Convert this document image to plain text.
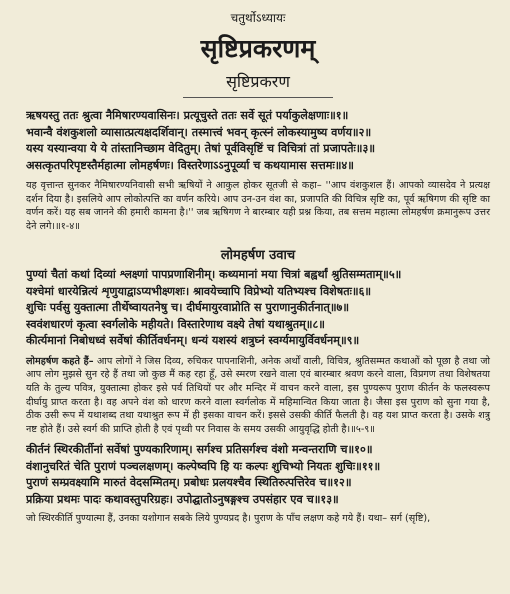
चतुर्थोऽध्यायः
सृष्टिप्रकरणम्
सृष्टिप्रकरण
ऋषयस्तु ततः श्रुत्वा नैमिषारण्यवासिनः। प्रत्यूचुस्ते ततः सर्वे सूतं पर्याकुलेक्षणाः॥१॥
भवान्वै वंशकुशलो व्यासात्प्रत्यक्षदर्शिवान्। तस्मात्त्वं भवन् कृत्स्नं लोकस्यामुष्य वर्णय॥२॥
यस्य यस्यान्वया ये ये तांस्तानिच्छाम वेदितुम्। तेषां पूर्वविसृष्टिं च विचित्रां तां प्रजापतेः॥३॥
असत्कृतपरिपृष्टस्तैर्महात्मा लोमहर्षणः। विस्तरेणाऽऽनुपूर्व्या च कथयामास सत्तमः॥४॥
यह वृत्तान्त सुनकर नैमिषारण्यनिवासी सभी ऋषियों ने आकुल होकर सूतजी से कहा– ''आप वंशकुशल हैं। आपको व्यासदेव ने प्रत्यक्ष दर्शन दिया है। इसलिये आप लोकोत्पत्ति का वर्णन करिये। आप उन-उन वंश का, प्रजापति की विचित्र सृष्टि का, पूर्व ऋषिगण की सृष्टि का वर्णन करें। यह सब जानने की हमारी कामना है।'' जब ऋषिगण ने बारम्बार यही प्रश्न किया, तब सत्तम महात्मा लोमहर्षण क्रमानुरूप उत्तर देने लगे।॥१-४॥
लोमहर्षण उवाच
पुण्यां चैतां कथां दिव्यां श्लक्ष्णां पापप्रणाशिनीम्। कथ्यमानां मया चित्रां बह्वर्थां श्रुतिसम्मताम्॥५॥
यश्चेमां धारयेन्नित्यं शृणुयाद्वाऽप्यभीक्ष्णशः। श्रावयेच्चापि विप्रेभ्यो यतिभ्यश्च विशेषतः॥६॥
शुचिः पर्वसु युक्तात्मा तीर्थेष्वायतनेषु च। दीर्घमायुरवाप्नोति स पुराणानुकीर्तनात्॥७॥
स्ववंशधारणं कृत्वा स्वर्गलोके महीयते। विस्तारेणाथ वक्ष्ये तेषां यथाश्रुतम्॥८॥
कीर्त्यमानां निबोधध्वं सर्वेषां कीर्तिवर्धनम्। धन्यं यशस्यं शत्रुघ्नं स्वर्ग्यमायुर्विवर्धनम्॥९॥
लोमहर्षण कहते हैं– आप लोगों ने जिस दिव्य, रुचिकर पापनाशिनी, अनेक अर्थों वाली, विचित्र, श्रुतिसम्मत कथाओं को पूछा है तथा जो आप लोग मुझसे सुन रहे हैं तथा जो कुछ मैं कह रहा हूँ, उसे स्मरण रखने वाला एवं बारम्बार श्रवण करने वाला, विप्रगण तथा विशेषतया यति के तुल्य पवित्र, युक्तात्मा होकर इसे पर्व तिथियों पर और मन्दिर में वाचन करने वाला, इस पुण्यरूप पुराण कीर्तन के फलस्वरूप दीर्घायु प्राप्त करता है। वह अपने वंश को धारण करने वाला स्वर्गलोक में महिमान्वित किया जाता है। जैसा इस पुराण को सुना गया है, ठीक उसी रूप में यथाशब्द तथा यथाश्रुत रूप में ही इसका वाचन करें। इससे उसकी कीर्ति फैलती है। वह यश प्राप्त करता है। उसके शत्रु नष्ट होते हैं। उसे स्वर्ग की प्राप्ति होती है एवं पृथ्वी पर निवास के समय उसकी आयुवृद्धि होती है।॥५-९॥
कीर्तनं स्थिरकीर्तीनां सर्वेषां पुण्यकारिणाम्। सर्गश्च प्रतिसर्गश्च वंशो मन्वन्तराणि च॥१०॥
वंशानुचरितं चेति पुराणं पञ्चलक्षणम्। कल्पेष्वपि हि यः कल्पः शुचिभ्यो नियतः शुचिः॥११॥
पुराणं सम्प्रवक्ष्यामि मारुतं वेदसम्मितम्। प्रबोधः प्रलयश्चैव स्थितिरुत्पत्तिरेव च॥१२॥
प्रक्रिया प्रथमः पादः कथावस्तुपरिग्रहः। उपोद्घातोऽनुषङ्गश्च उपसंहार एव च॥१३॥
जो स्थिरकीर्ति पुण्यात्मा हैं, उनका यशोगान सबके लिये पुण्यप्रद है। पुराण के पाँच लक्षण कहे गये हैं। यथा– सर्ग (सृष्टि),
